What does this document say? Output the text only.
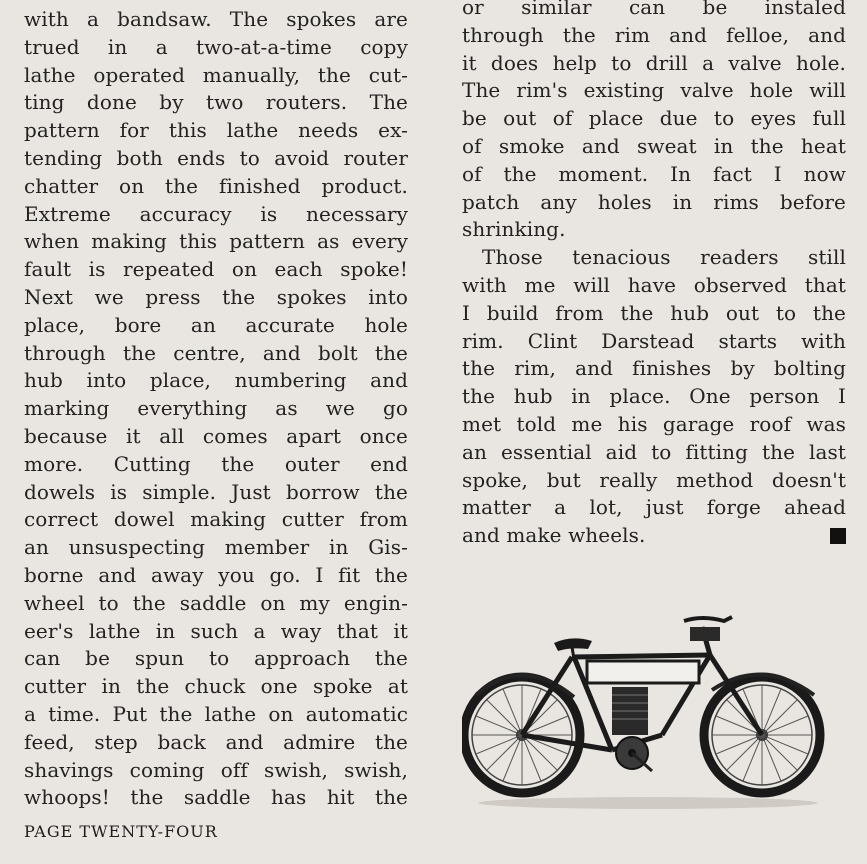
with a bandsaw. The spokes are
trued in a two-at-a-time copy
lathe operated manually, the cut-
ting done by two routers. The
pattern for this lathe needs ex-
tending both ends to avoid router
chatter on the finished product.
Extreme accuracy is necessary
when making this pattern as every
fault is repeated on each spoke!
Next we press the spokes into
place, bore an accurate hole
through the centre, and bolt the
hub into place, numbering and
marking everything as we go
because it all comes apart once
more. Cutting the outer end
dowels is simple. Just borrow the
correct dowel making cutter from
an unsuspecting member in Gis-
borne and away you go. I fit the
wheel to the saddle on my engin-
eer's lathe in such a way that it
can be spun to approach the
cutter in the chuck one spoke at
a time. Put the lathe on automatic
feed, step back and admire the
shavings coming off swish, swish,
whoops! the saddle has hit the
or similar can be instaled
through the rim and felloe, and
it does help to drill a valve hole.
The rim's existing valve hole will
be out of place due to eyes full
of smoke and sweat in the heat
of the moment. In fact I now
patch any holes in rims before
shrinking.
Those tenacious readers still
with me will have observed that
I build from the hub out to the
rim. Clint Darstead starts with
the rim, and finishes by bolting
the hub in place. One person I
met told me his garage roof was
an essential aid to fitting the last
spoke, but really method doesn't
matter a lot, just forge ahead
and make wheels.
PAGE TWENTY-FOUR
